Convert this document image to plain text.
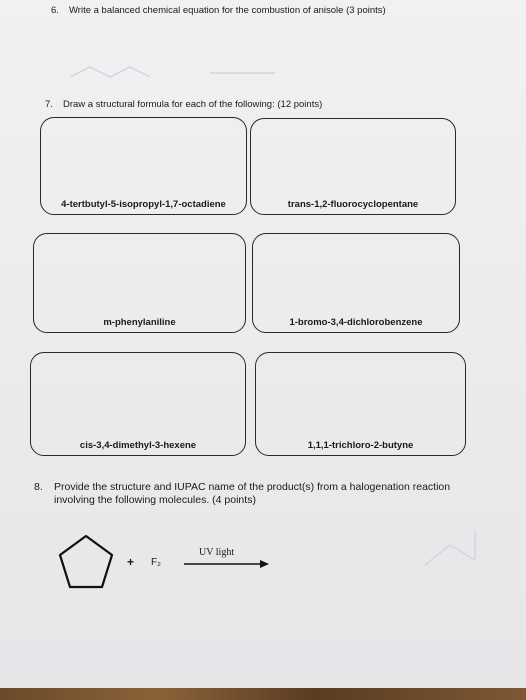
6. Write a balanced chemical equation for the combustion of anisole (3 points)
7. Draw a structural formula for each of the following: (12 points)
4-tertbutyl-5-isopropyl-1,7-octadiene	trans-1,2-fluorocyclopentane
m-phenylaniline	1-bromo-3,4-dichlorobenzene
cis-3,4-dimethyl-3-hexene	1,1,1-trichloro-2-butyne
8. Provide the structure and IUPAC name of the product(s) from a halogenation reaction
involving the following molecules. (4 points)
+ F₂
UV light
